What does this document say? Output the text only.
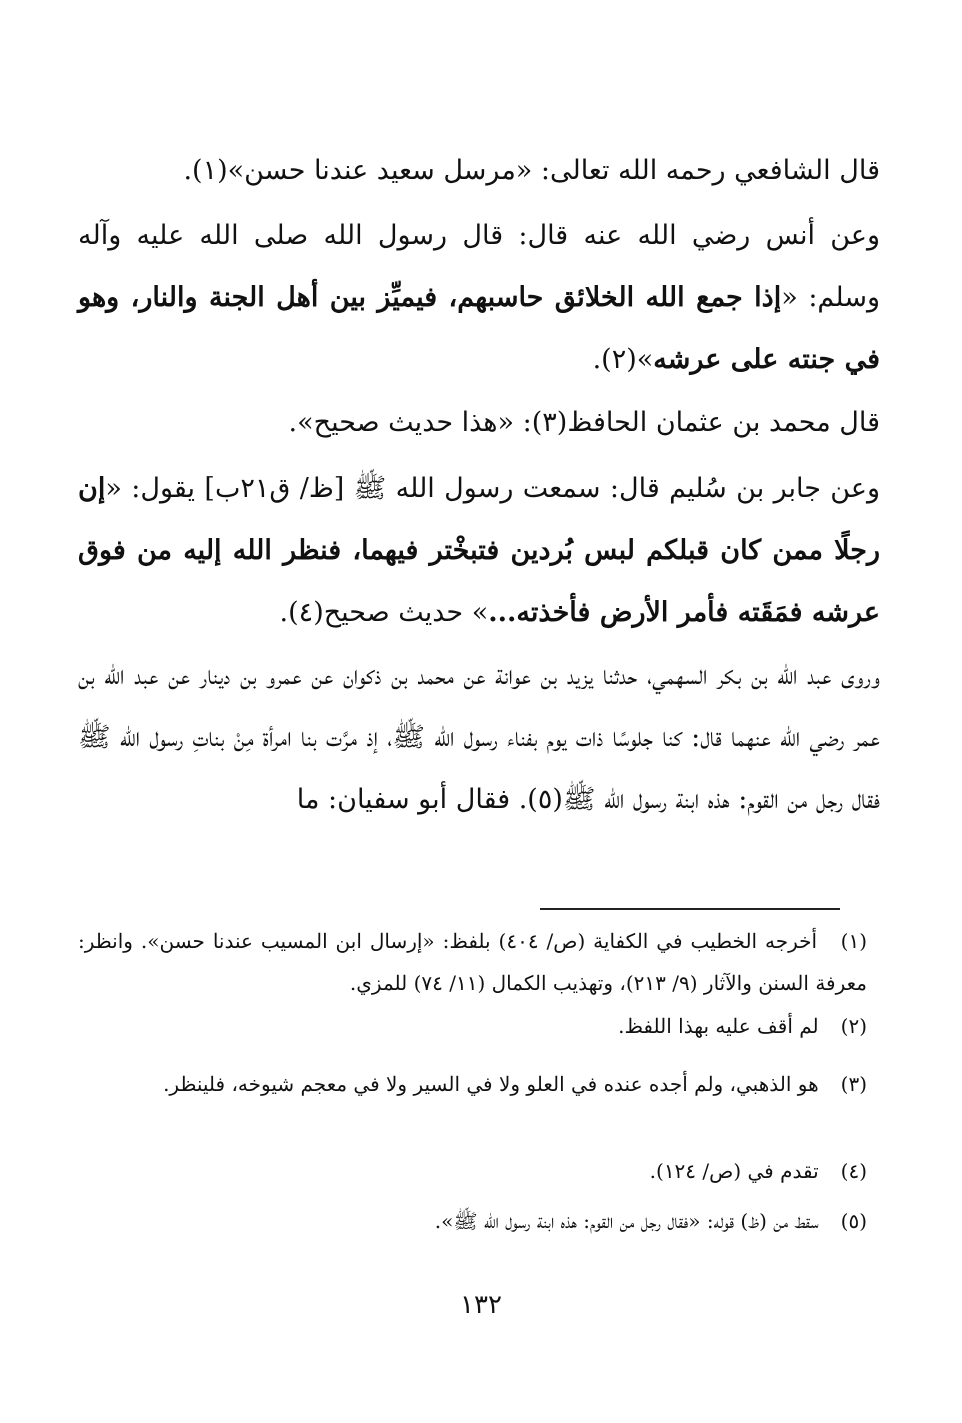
قال الشافعي رحمه الله تعالى: «مرسل سعيد عندنا حسن»(١).
وعن أنس رضي الله عنه قال: قال رسول الله صلى الله عليه وآله وسلم: «إذا جمع الله الخلائق حاسبهم، فيميِّز بين أهل الجنة والنار، وهو في جنته على عرشه»(٢).
قال محمد بن عثمان الحافظ(٣): «هذا حديث صحيح».
وعن جابر بن سُليم قال: سمعت رسول الله ﷺ [ظ/ ق٢١ب] يقول: «إن رجلًا ممن كان قبلكم لبس بُردين فتبخْتر فيهما، فنظر الله إليه من فوق عرشه فمَقَته فأمر الأرض فأخذته...» حديث صحيح(٤).
وروى عبد الله بن بكر السهمي، حدثنا يزيد بن عوانة عن محمد بن ذكوان عن عمرو بن دينار عن عبد الله بن عمر رضي الله عنهما قال: كنا جلوسًا ذات يوم بفناء رسول الله ﷺ، إذ مرَّت بنا امرأة مِنْ بناتِ رسول الله ﷺ فقال رجل من القوم: هذه ابنة رسول الله ﷺ(٥). فقال أبو سفيان: ما
(١) أخرجه الخطيب في الكفاية (ص/ ٤٠٤) بلفظ: «إرسال ابن المسيب عندنا حسن». وانظر: معرفة السنن والآثار (٩/ ٢١٣)، وتهذيب الكمال (١١/ ٧٤) للمزي.
(٢) لم أقف عليه بهذا اللفظ.
(٣) هو الذهبي، ولم أجده عنده في العلو ولا في السير ولا في معجم شيوخه، فلينظر.
(٤) تقدم في (ص/ ١٢٤).
(٥) سقط من (ظ) قوله: «فقال رجل من القوم: هذه ابنة رسول الله ﷺ».
١٣٢
